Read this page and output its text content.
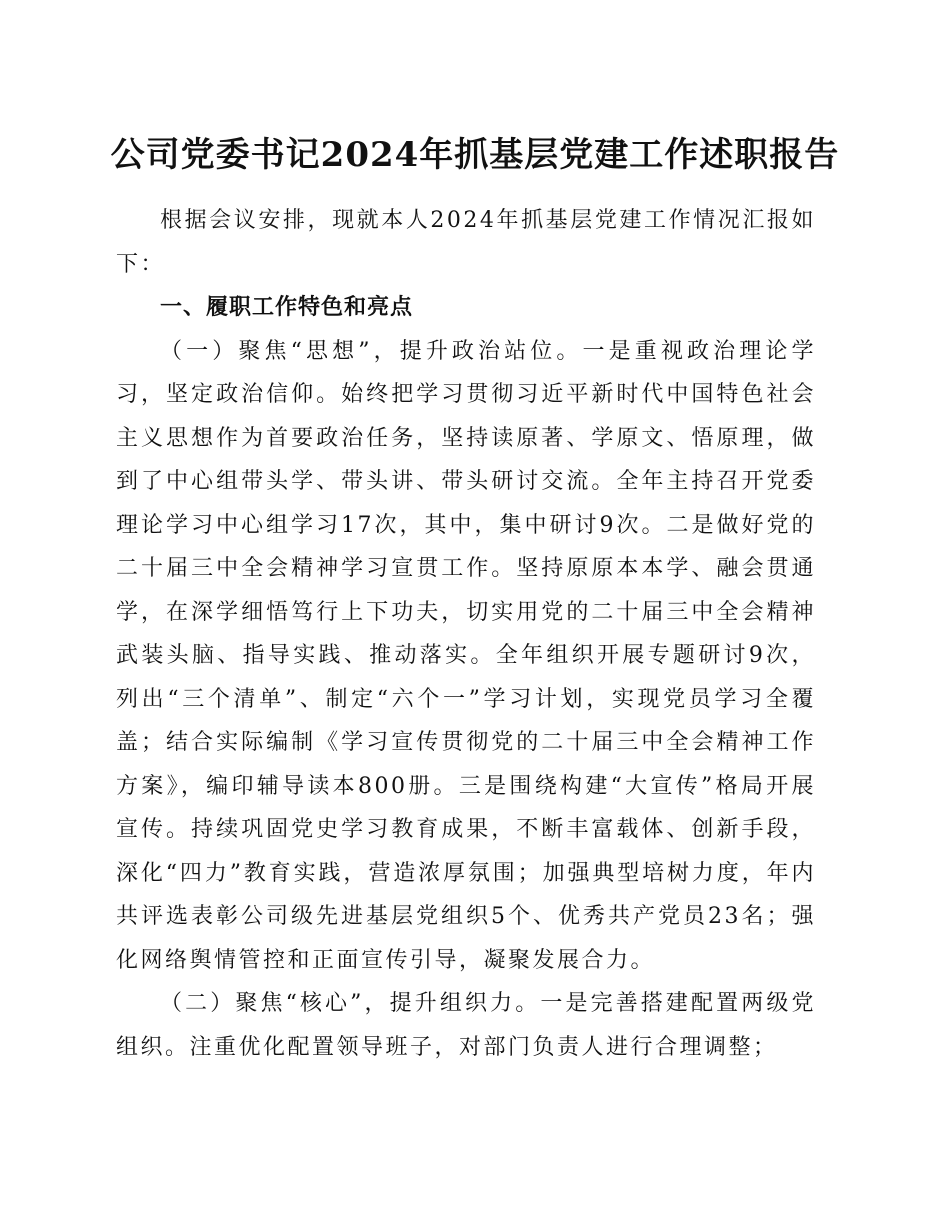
公司党委书记2024年抓基层党建工作述职报告

根据会议安排，现就本人2024年抓基层党建工作情况汇报如下：

一、履职工作特色和亮点

（一）聚焦“思想”，提升政治站位。一是重视政治理论学习，坚定政治信仰。始终把学习贯彻习近平新时代中国特色社会主义思想作为首要政治任务，坚持读原著、学原文、悟原理，做到了中心组带头学、带头讲、带头研讨交流。全年主持召开党委理论学习中心组学习17次，其中，集中研讨9次。二是做好党的二十届三中全会精神学习宣贯工作。坚持原原本本学、融会贯通学，在深学细悟笃行上下功夫，切实用党的二十届三中全会精神武装头脑、指导实践、推动落实。全年组织开展专题研讨9次，列出“三个清单”、制定“六个一”学习计划，实现党员学习全覆盖；结合实际编制《学习宣传贯彻党的二十届三中全会精神工作方案》，编印辅导读本800册。三是围绕构建“大宣传”格局开展宣传。持续巩固党史学习教育成果，不断丰富载体、创新手段，深化“四力”教育实践，营造浓厚氛围；加强典型培树力度，年内共评选表彰公司级先进基层党组织5个、优秀共产党员23名；强化网络舆情管控和正面宣传引导，凝聚发展合力。

（二）聚焦“核心”，提升组织力。一是完善搭建配置两级党组织。注重优化配置领导班子，对部门负责人进行合理调整；
